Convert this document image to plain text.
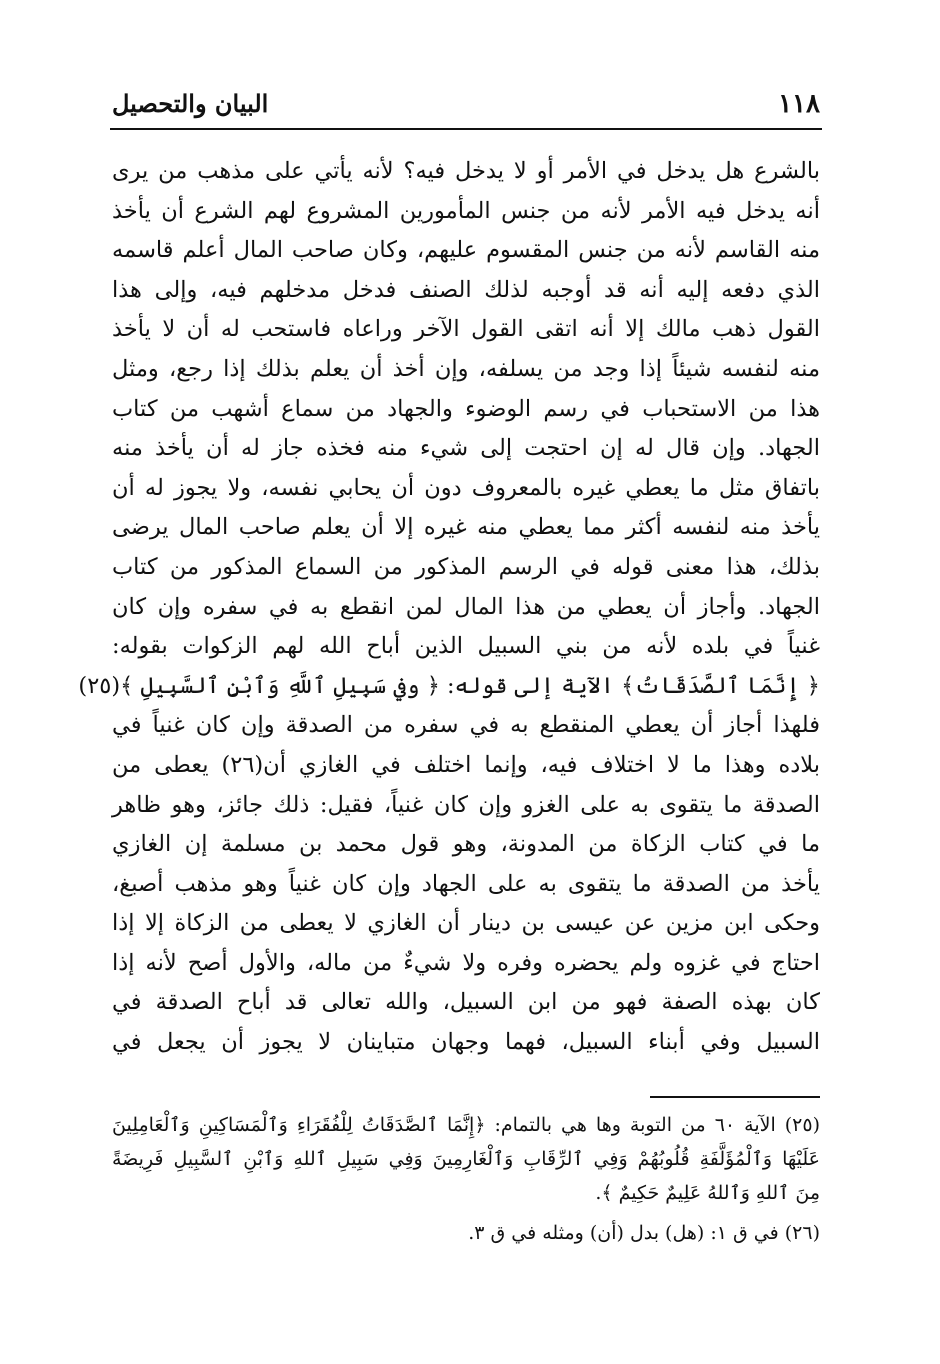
١١٨
البيان والتحصيل
بالشرع هل يدخل في الأمر أو لا يدخل فيه؟ لأنه يأتي على مذهب من يرى
أنه يدخل فيه الأمر لأنه من جنس المأمورين المشروع لهم الشرع أن يأخذ
منه القاسم لأنه من جنس المقسوم عليهم، وكان صاحب المال أعلم قاسمه
الذي دفعه إليه أنه قد أوجبه لذلك الصنف فدخل مدخلهم فيه، وإلى هذا
القول ذهب مالك إلا أنه اتقى القول الآخر وراعاه فاستحب له أن لا يأخذ
منه لنفسه شيئاً إذا وجد من يسلفه، وإن أخذ أن يعلم بذلك إذا رجع، ومثل
هذا من الاستحباب في رسم الوضوء والجهاد من سماع أشهب من كتاب
الجهاد. وإن قال له إن احتجت إلى شيء منه فخذه جاز له أن يأخذ منه
باتفاق مثل ما يعطي غيره بالمعروف دون أن يحابي نفسه، ولا يجوز له أن
يأخذ منه لنفسه أكثر مما يعطي منه غيره إلا أن يعلم صاحب المال يرضى
بذلك، هذا معنى قوله في الرسم المذكور من السماع المذكور من كتاب
الجهاد. وأجاز أن يعطي من هذا المال لمن انقطع به في سفره وإن كان
غنياً في بلده لأنه من بني السبيل الذين أباح الله لهم الزكوات بقوله:
﴿ إِنَّمَا ٱلصَّدَقَاتُ﴾ الآية إلى قوله: ﴿ وفي سَبِيلِ ٱللَّهِ وَٱبْنِ ٱلسَّبِيلِ ﴾(٢٥)
فلهذا أجاز أن يعطي المنقطع به في سفره من الصدقة وإن كان غنياً في
بلاده وهذا ما لا اختلاف فيه، وإنما اختلف في الغازي أن(٢٦) يعطى من
الصدقة ما يتقوى به على الغزو وإن كان غنياً، فقيل: ذلك جائز، وهو ظاهر
ما في كتاب الزكاة من المدونة، وهو قول محمد بن مسلمة إن الغازي
يأخذ من الصدقة ما يتقوى به على الجهاد وإن كان غنياً وهو مذهب أصبغ،
وحكى ابن مزين عن عيسى بن دينار أن الغازي لا يعطى من الزكاة إلا إذا
احتاج في غزوه ولم يحضره وفره ولا شيءٌ من ماله، والأول أصح لأنه إذا
كان بهذه الصفة فهو من ابن السبيل، والله تعالى قد أباح الصدقة في
السبيل وفي أبناء السبيل، فهما وجهان متباينان لا يجوز أن يجعل في
(٢٥) الآية ٦٠ من التوبة وها هي بالتمام: ﴿إِنَّمَا ٱلصَّدَقَاتُ لِلْفُقَرَاءِ وَٱلْمَسَاكِينِ وَٱلْعَامِلِينَ
عَلَيْهَا وَٱلْمُؤَلَّفَةِ قُلُوبُهُمْ وَفِي ٱلرِّقَابِ وَٱلْغَارِمِينَ وَفِي سَبِيلِ ٱللهِ وَٱبْنِ ٱلسَّبِيلِ فَرِيضَةً
مِنَ ٱللهِ وَٱللهُ عَلِيمٌ حَكِيمٌ ﴾.
(٢٦) في ق ١: (هل) بدل (أن) ومثله في ق ٣.
